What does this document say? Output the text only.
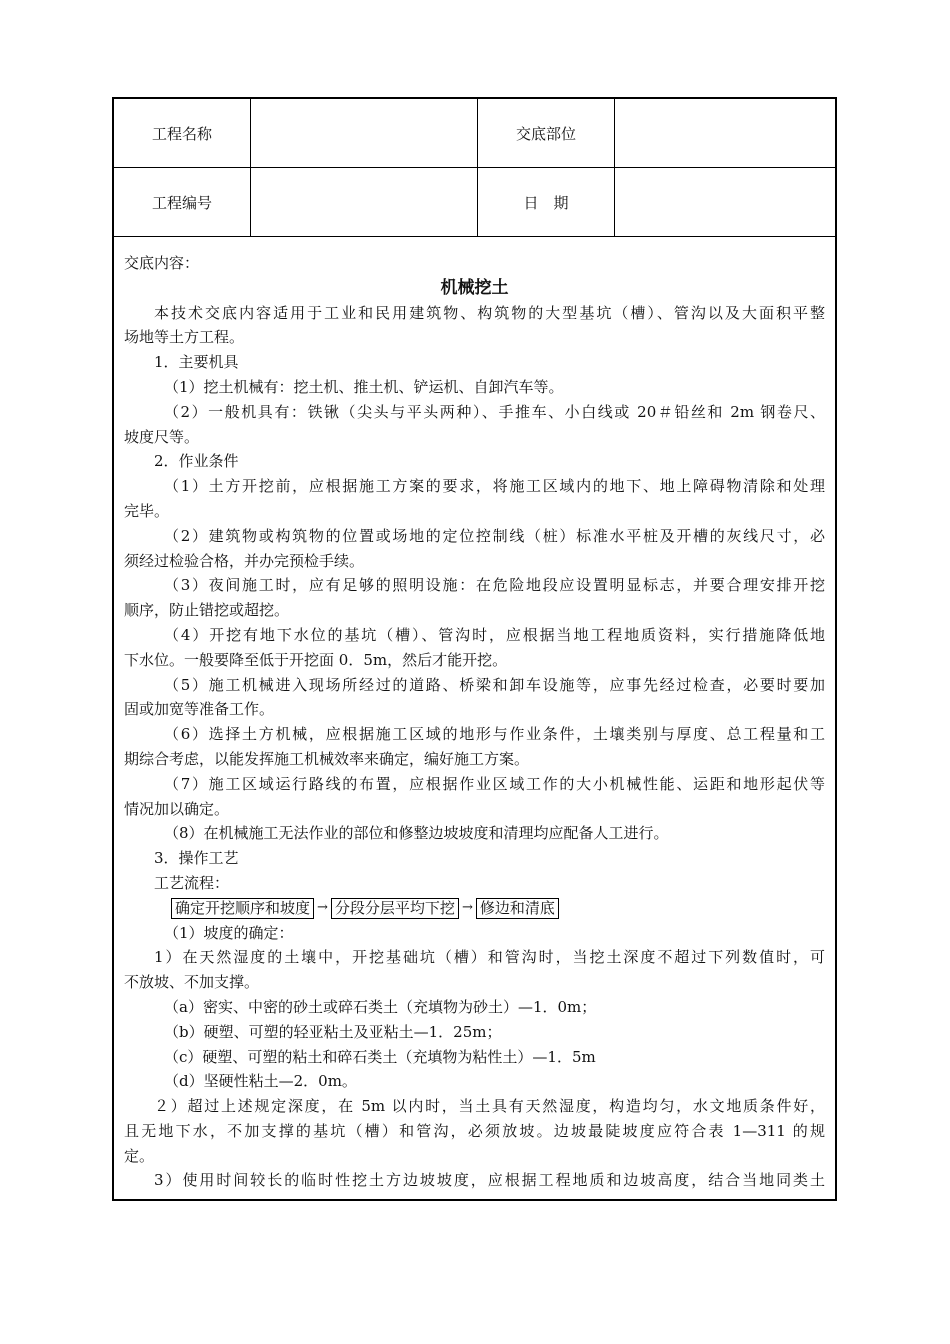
工程名称	交底部位
工程编号	日　期
交底内容：
机械挖土
本技术交底内容适用于工业和民用建筑物、构筑物的大型基坑（槽）、管沟以及大面积平整
场地等土方工程。
1．主要机具
（1）挖土机械有：挖土机、推土机、铲运机、自卸汽车等。
（2）一般机具有：铁锹（尖头与平头两种）、手推车、小白线或 20＃铅丝和 2m 钢卷尺、
坡度尺等。
2．作业条件
（1）土方开挖前，应根据施工方案的要求，将施工区域内的地下、地上障碍物清除和处理
完毕。
（2）建筑物或构筑物的位置或场地的定位控制线（桩）标准水平桩及开槽的灰线尺寸，必
须经过检验合格，并办完预检手续。
（3）夜间施工时，应有足够的照明设施：在危险地段应设置明显标志，并要合理安排开挖
顺序，防止错挖或超挖。
（4）开挖有地下水位的基坑（槽）、管沟时，应根据当地工程地质资料，实行措施降低地
下水位。一般要降至低于开挖面 0．5m，然后才能开挖。
（5）施工机械进入现场所经过的道路、桥梁和卸车设施等，应事先经过检查，必要时要加
固或加宽等准备工作。
（6）选择土方机械，应根据施工区域的地形与作业条件，土壤类别与厚度、总工程量和工
期综合考虑，以能发挥施工机械效率来确定，编好施工方案。
（7）施工区域运行路线的布置，应根据作业区域工作的大小机械性能、运距和地形起伏等
情况加以确定。
（8）在机械施工无法作业的部位和修整边坡坡度和清理均应配备人工进行。
3．操作工艺
工艺流程：
确定开挖顺序和坡度 → 分段分层平均下挖 → 修边和清底
（1）坡度的确定：
1）在天然湿度的土壤中，开挖基础坑（槽）和管沟时，当挖土深度不超过下列数值时，可
不放坡、不加支撑。
（a）密实、中密的砂土或碎石类土（充填物为砂土）—1．0m；
（b）硬塑、可塑的轻亚粘土及亚粘土—1．25m；
（c）硬塑、可塑的粘土和碎石类土（充填物为粘性土）—1．5m
（d）坚硬性粘土—2．0m。
２）超过上述规定深度，在 5m 以内时，当土具有天然湿度，构造均匀，水文地质条件好，
且无地下水，不加支撑的基坑（槽）和管沟，必须放坡。边坡最陡坡度应符合表 1—311 的规
定。
3）使用时间较长的临时性挖土方边坡坡度，应根据工程地质和边坡高度，结合当地同类土
